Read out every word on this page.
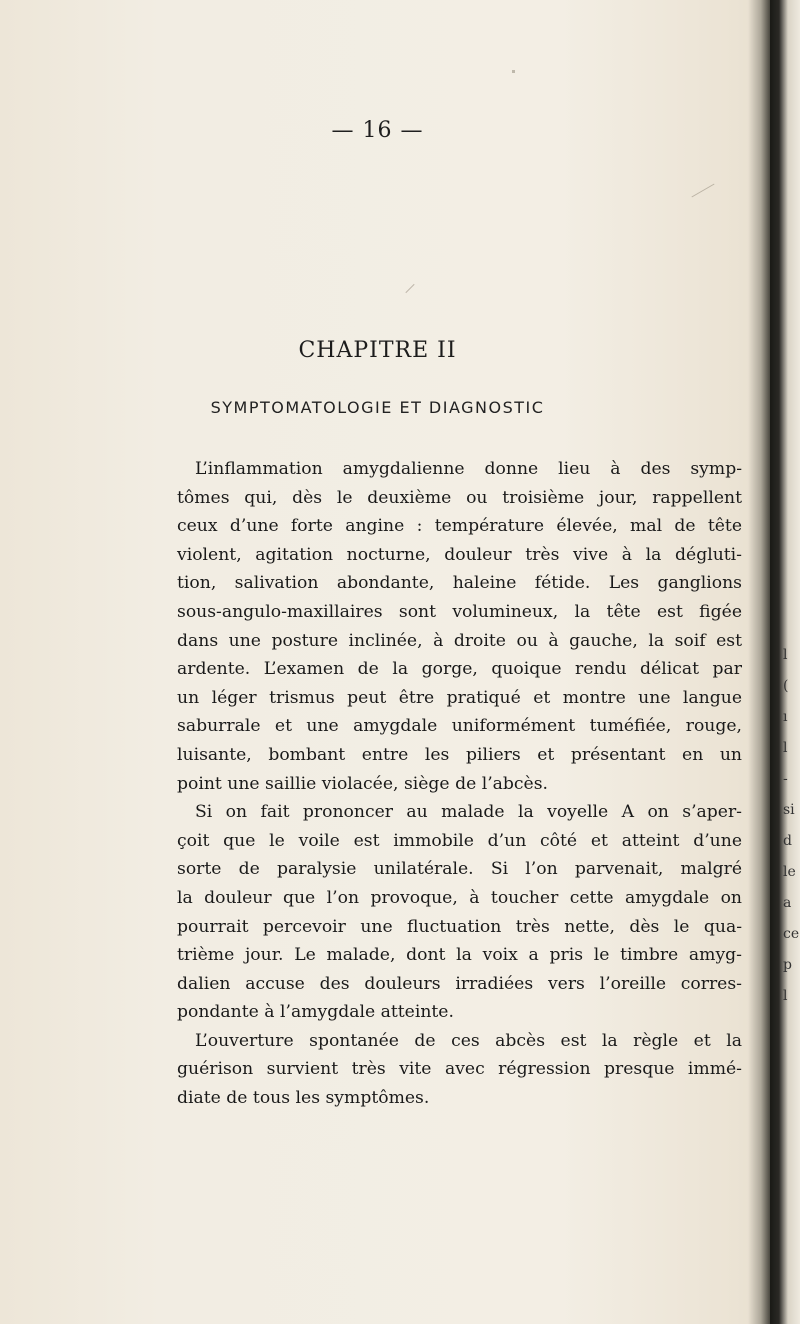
l
(
ı
l
-
si
d
le
a
ce
p
l
— 16 —
CHAPITRE II
SYMPTOMATOLOGIE ET DIAGNOSTIC
L’inflammation amygdalienne donne lieu à des symp-
tômes qui, dès le deuxième ou troisième jour, rappellent
ceux d’une forte angine : température élevée, mal de tête
violent, agitation nocturne, douleur très vive à la dégluti-
tion, salivation abondante, haleine fétide. Les ganglions
sous-angulo-maxillaires sont volumineux, la tête est figée
dans une posture inclinée, à droite ou à gauche, la soif est
ardente. L’examen de la gorge, quoique rendu délicat par
un léger trismus peut être pratiqué et montre une langue
saburrale et une amygdale uniformément tuméfiée, rouge,
luisante, bombant entre les piliers et présentant en un
point une saillie violacée, siège de l’abcès.
Si on fait prononcer au malade la voyelle A on s’aper-
çoit que le voile est immobile d’un côté et atteint d’une
sorte de paralysie unilatérale. Si l’on parvenait, malgré
la douleur que l’on provoque, à toucher cette amygdale on
pourrait percevoir une fluctuation très nette, dès le qua-
trième jour. Le malade, dont la voix a pris le timbre amyg-
dalien accuse des douleurs irradiées vers l’oreille corres-
pondante à l’amygdale atteinte.
L’ouverture spontanée de ces abcès est la règle et la
guérison survient très vite avec régression presque immé-
diate de tous les symptômes.
